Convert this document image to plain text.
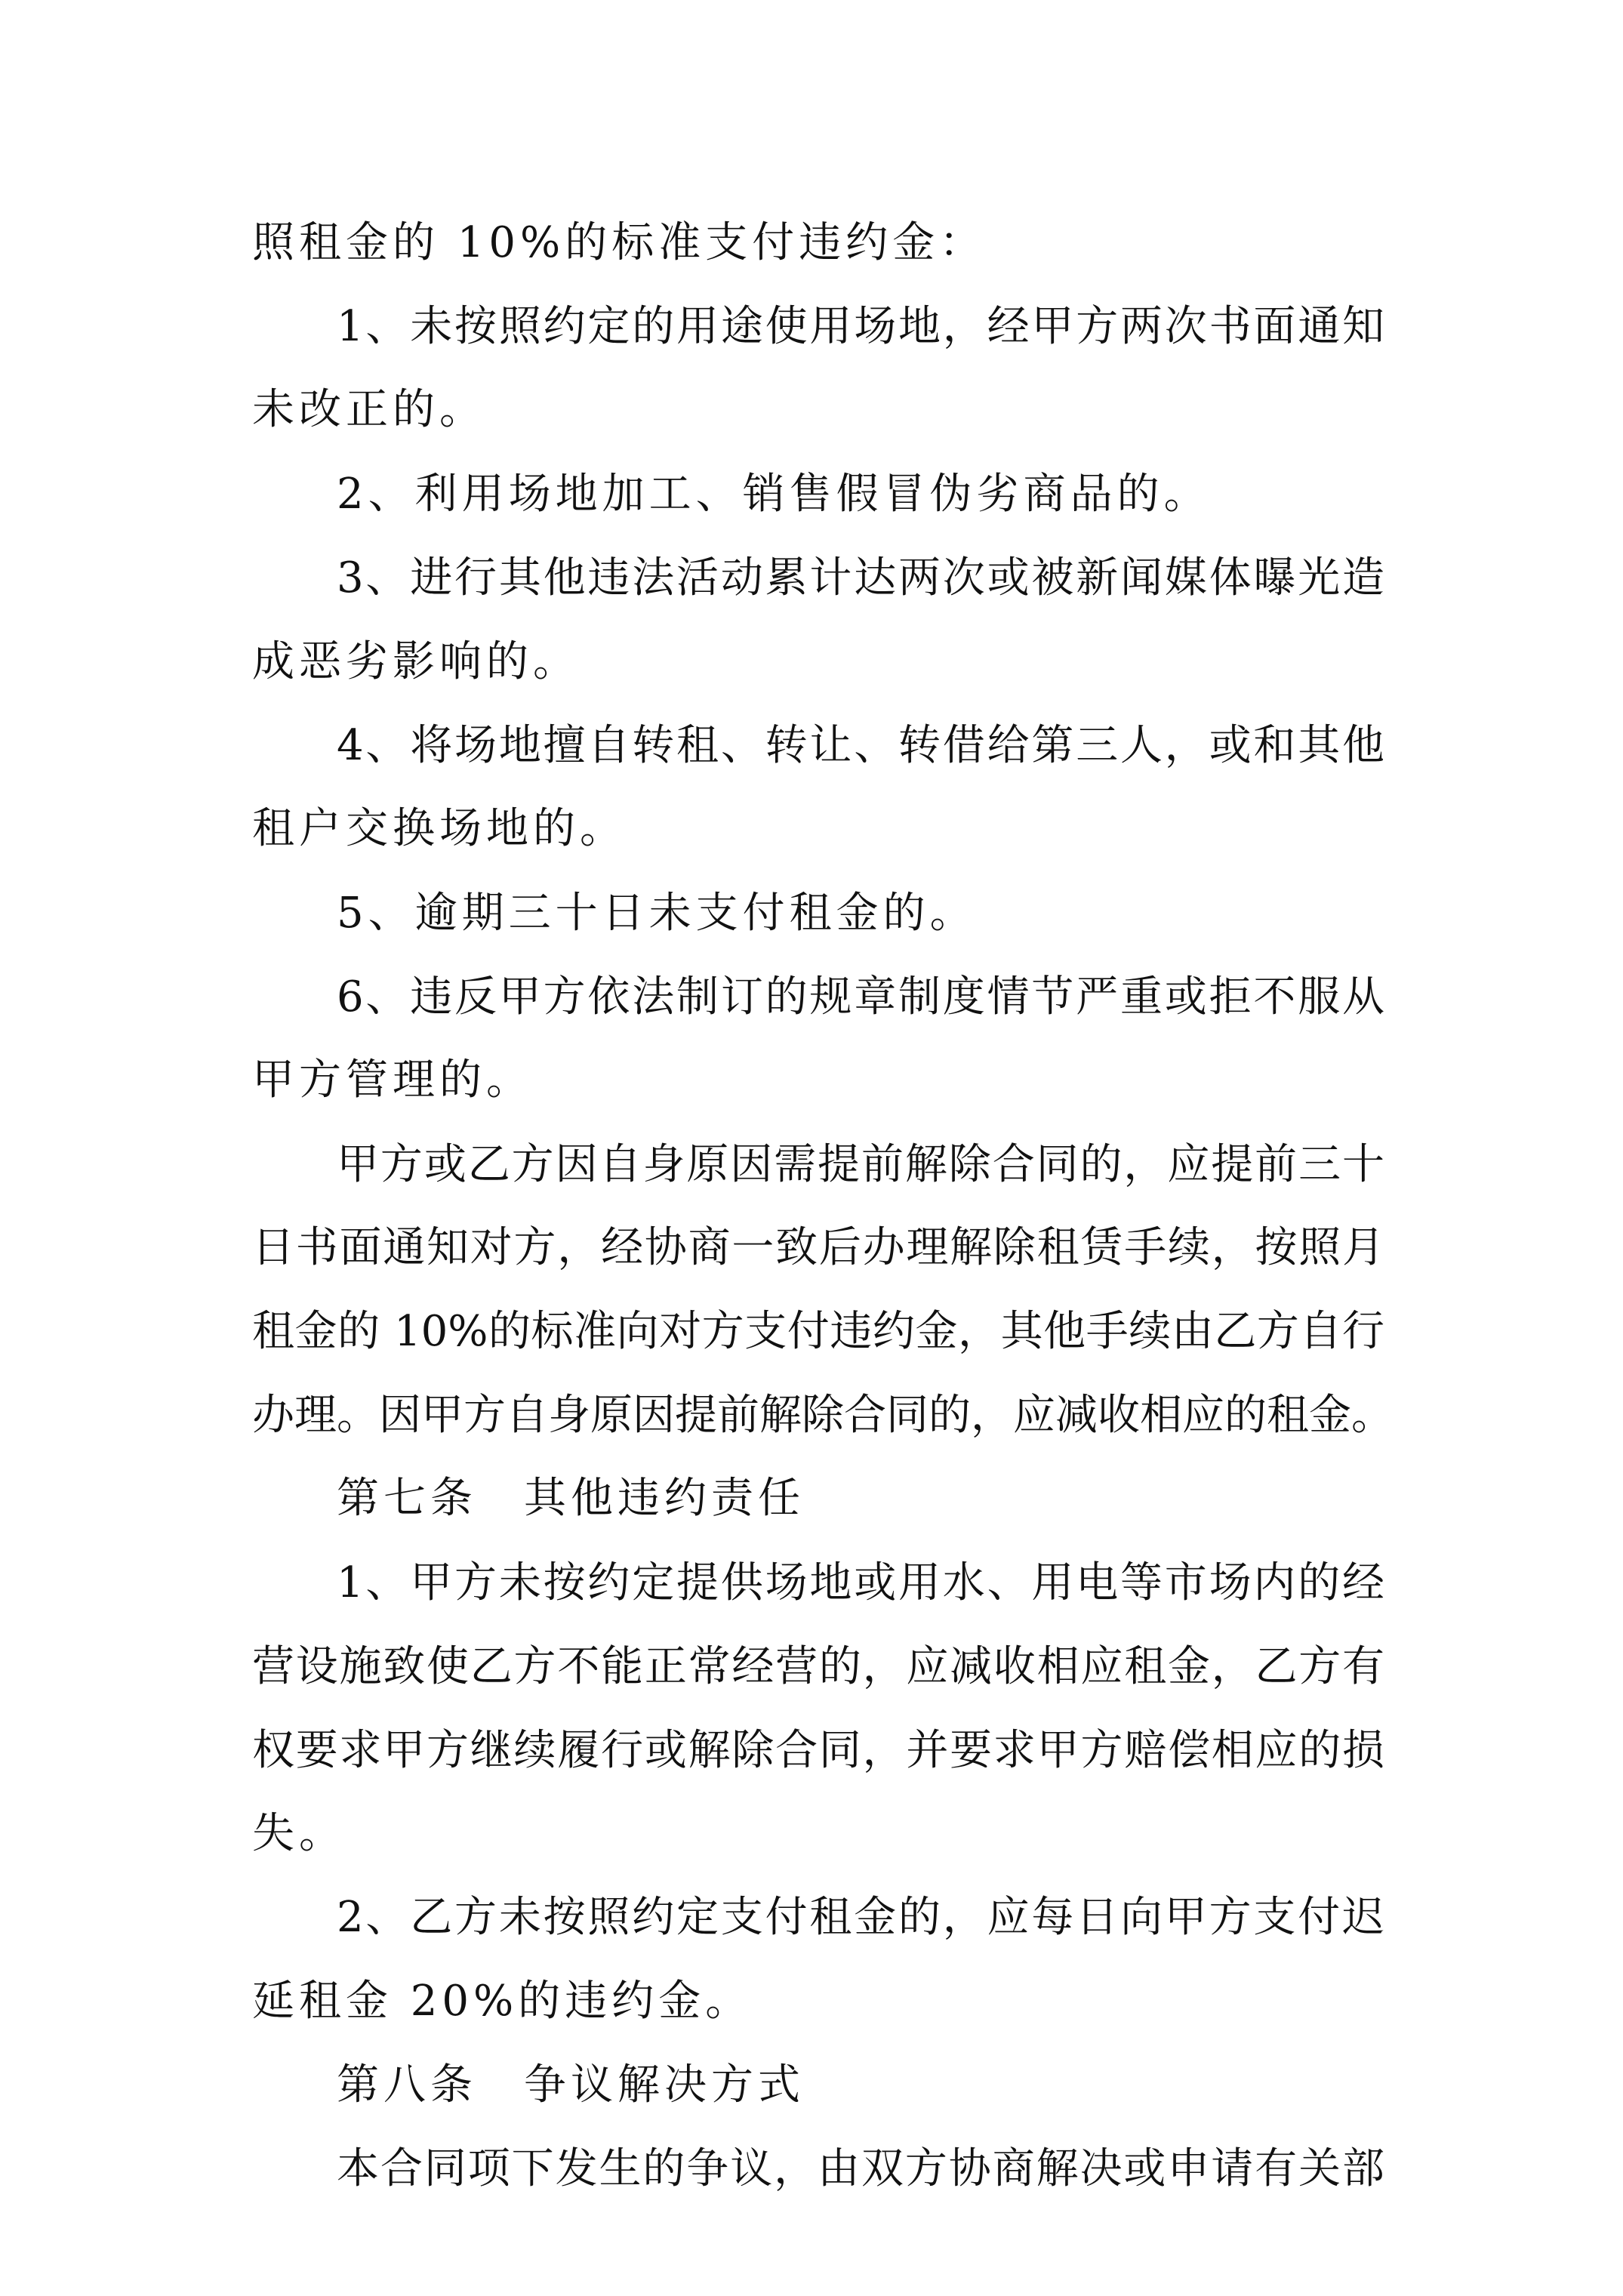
照租金的 10%的标准支付违约金：
1、未按照约定的用途使用场地，经甲方两次书面通知
未改正的。
2、利用场地加工、销售假冒伪劣商品的。
3、进行其他违法活动累计达两次或被新闻媒体曝光造
成恶劣影响的。
4、将场地擅自转租、转让、转借给第三人，或和其他
租户交换场地的。
5、逾期三十日未支付租金的。
6、违反甲方依法制订的规章制度情节严重或拒不服从
甲方管理的。
甲方或乙方因自身原因需提前解除合同的，应提前三十
日书面通知对方，经协商一致后办理解除租赁手续，按照月
租金的 10%的标准向对方支付违约金，其他手续由乙方自行
办理。因甲方自身原因提前解除合同的，应减收相应的租金。
第七条　其他违约责任
1、甲方未按约定提供场地或用水、用电等市场内的经
营设施致使乙方不能正常经营的，应减收相应租金，乙方有
权要求甲方继续履行或解除合同，并要求甲方赔偿相应的损
失。
2、乙方未按照约定支付租金的，应每日向甲方支付迟
延租金 20%的违约金。
第八条　争议解决方式
本合同项下发生的争议，由双方协商解决或申请有关部
